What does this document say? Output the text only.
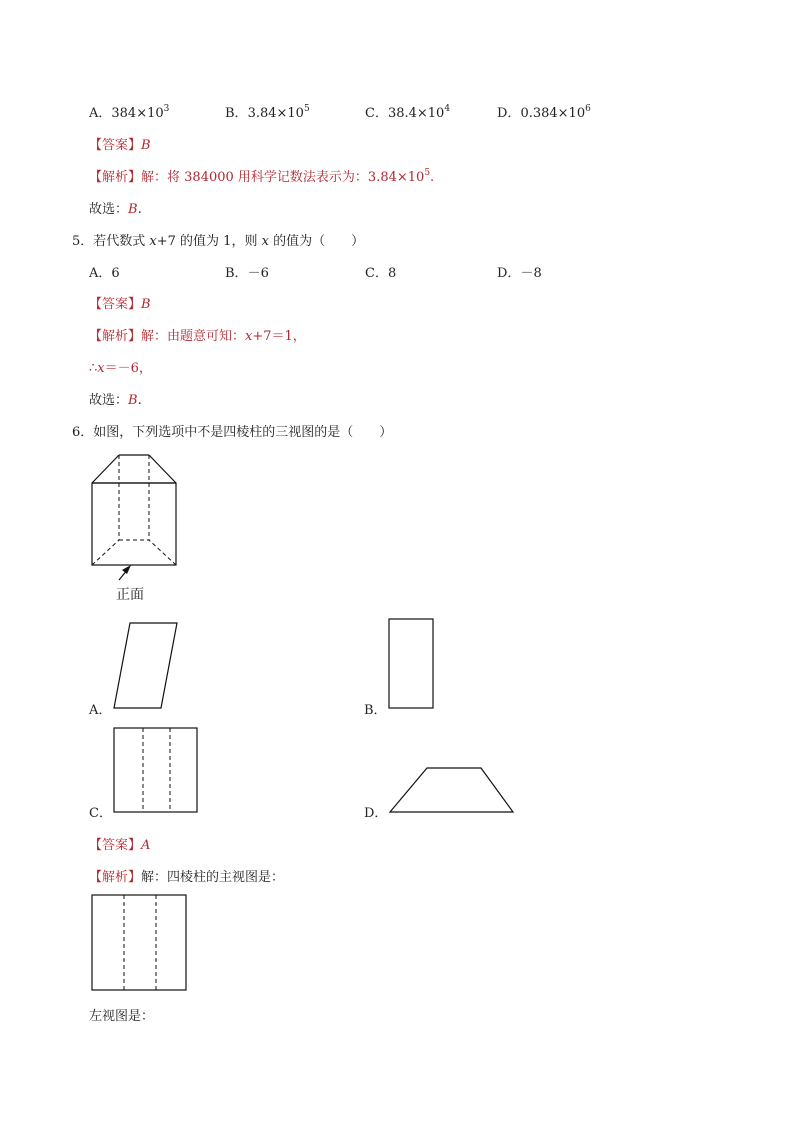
A．$384\times 10^3$	B．$3.84\times 10^5$	C．$38.4\times 10^4$	D．$0.384\times 10^6$
【答案】B
【解析】解：将 384000 用科学记数法表示为：$3.84\times 10^5$.
故选：B.
5．若代数式 x+7 的值为 1，则 x 的值为（　　）
A．6	B．－6	C．8	D．－8
【答案】B
【解析】解：由题意可知：x+7＝1，
∴x＝－6，
故选：B.
6．如图，下列选项中不是四棱柱的三视图的是（　　）
正面
A．	B．
C．	D．
【答案】A
【解析】解：四棱柱的主视图是：
左视图是：
